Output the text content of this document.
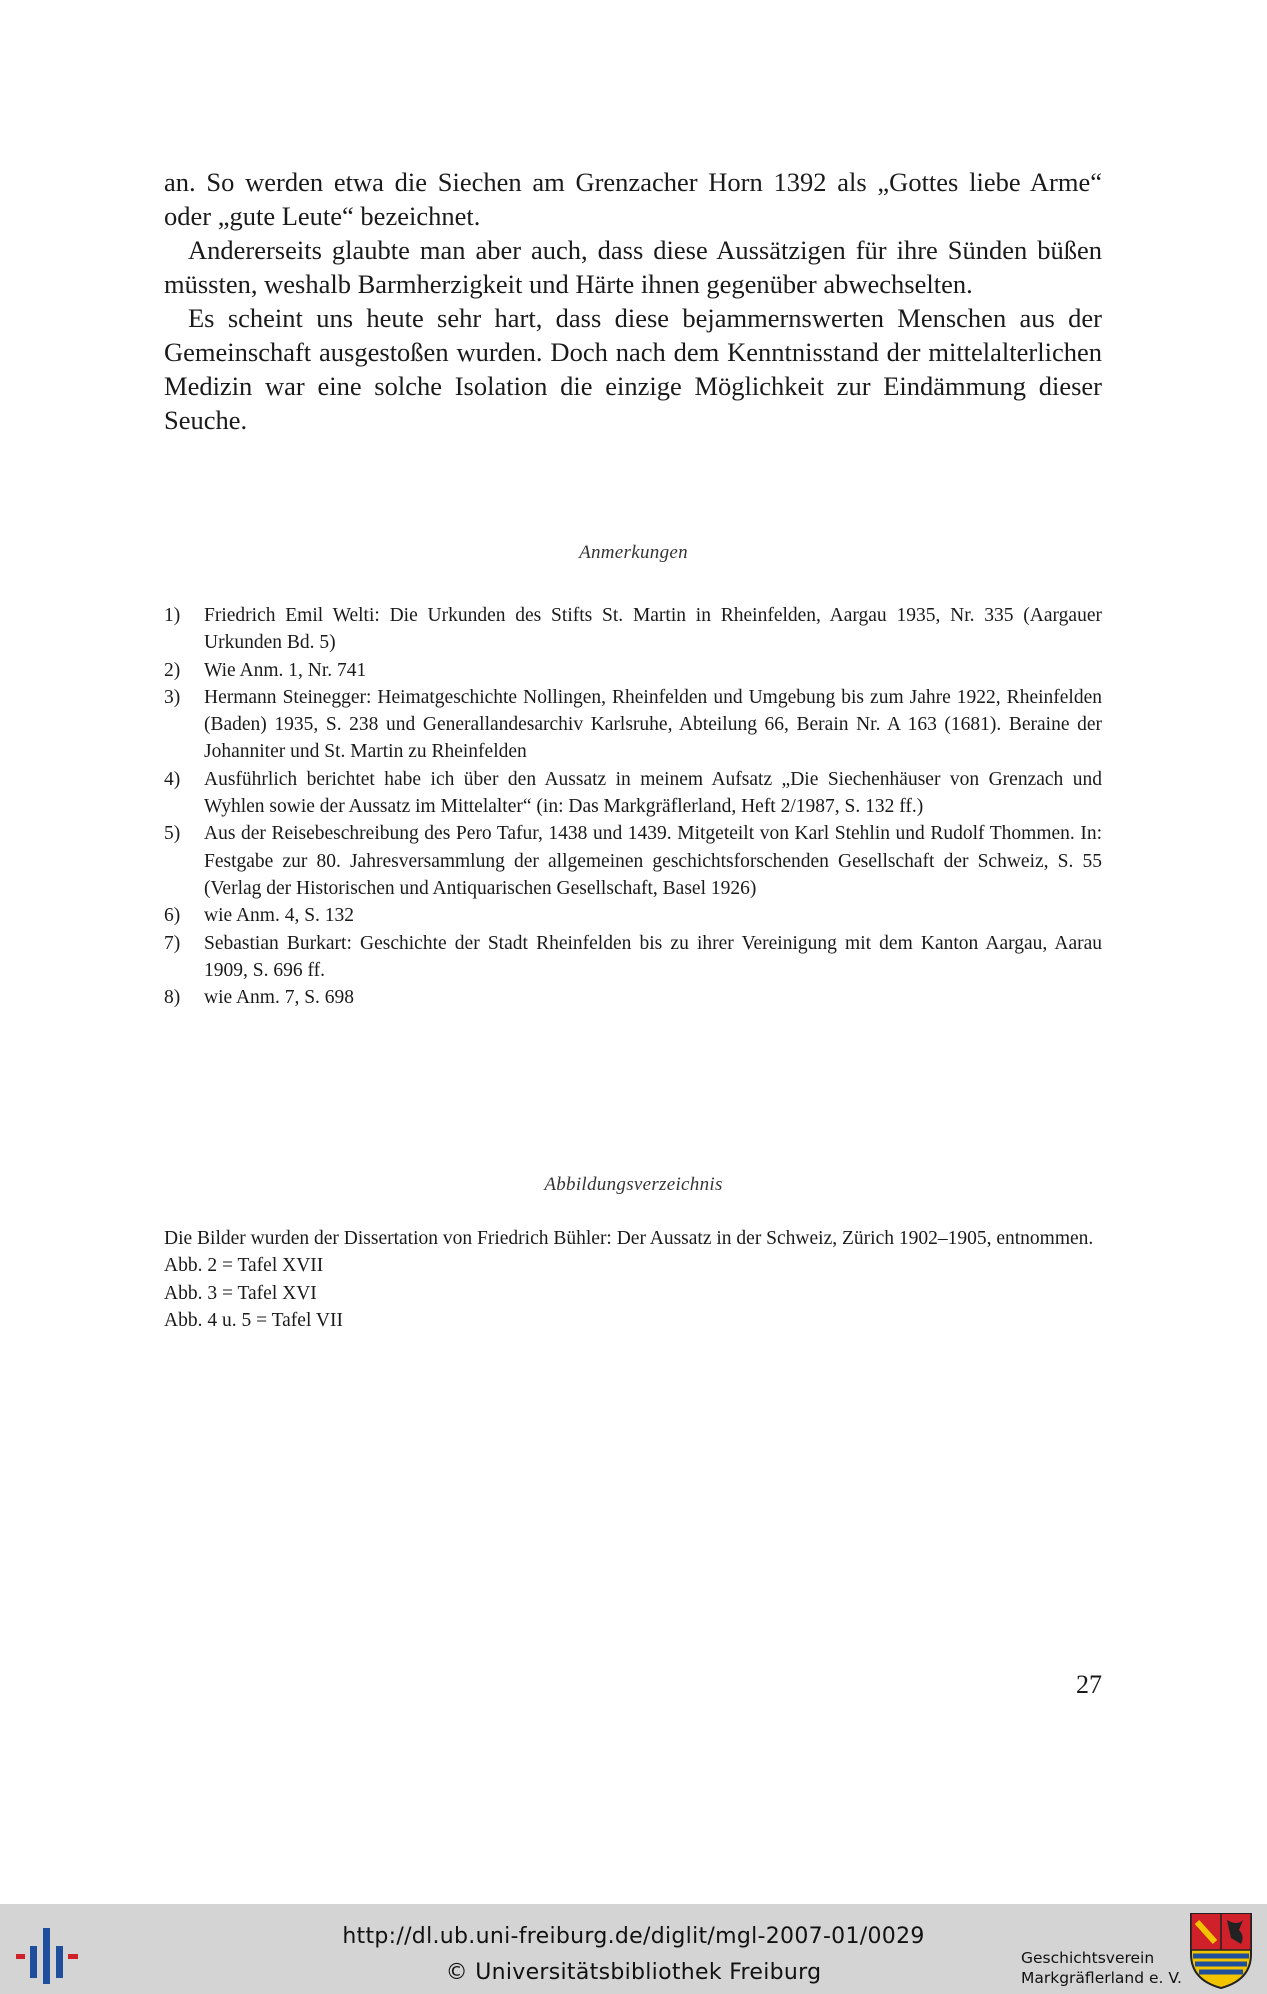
an. So werden etwa die Siechen am Grenzacher Horn 1392 als „Gottes liebe Arme“ oder „gute Leute“ bezeichnet.

Andererseits glaubte man aber auch, dass diese Aussätzigen für ihre Sünden büßen müssten, weshalb Barmherzigkeit und Härte ihnen gegenüber abwechselten.

Es scheint uns heute sehr hart, dass diese bejammernswerten Menschen aus der Gemeinschaft ausgestoßen wurden. Doch nach dem Kenntnisstand der mittelalterlichen Medizin war eine solche Isolation die einzige Möglichkeit zur Eindämmung dieser Seuche.

Anmerkungen
1) Friedrich Emil Welti: Die Urkunden des Stifts St. Martin in Rheinfelden, Aargau 1935, Nr. 335 (Aargauer Urkunden Bd. 5)
2) Wie Anm. 1, Nr. 741
3) Hermann Steinegger: Heimatgeschichte Nollingen, Rheinfelden und Umgebung bis zum Jahre 1922, Rheinfelden (Baden) 1935, S. 238 und Generallandesarchiv Karlsruhe, Abteilung 66, Berain Nr. A 163 (1681). Beraine der Johanniter und St. Martin zu Rheinfelden
4) Ausführlich berichtet habe ich über den Aussatz in meinem Aufsatz „Die Siechenhäuser von Grenzach und Wyhlen sowie der Aussatz im Mittelalter“ (in: Das Markgräflerland, Heft 2/1987, S. 132 ff.)
5) Aus der Reisebeschreibung des Pero Tafur, 1438 und 1439. Mitgeteilt von Karl Stehlin und Rudolf Thommen. In: Festgabe zur 80. Jahresversammlung der allgemeinen geschichtsforschenden Gesellschaft der Schweiz, S. 55 (Verlag der Historischen und Antiquarischen Gesellschaft, Basel 1926)
6) wie Anm. 4, S. 132
7) Sebastian Burkart: Geschichte der Stadt Rheinfelden bis zu ihrer Vereinigung mit dem Kanton Aargau, Aarau 1909, S. 696 ff.
8) wie Anm. 7, S. 698
Abbildungsverzeichnis
Die Bilder wurden der Dissertation von Friedrich Bühler: Der Aussatz in der Schweiz, Zürich 1902–1905, entnommen.
Abb. 2 = Tafel XVII
Abb. 3 = Tafel XVI
Abb. 4 u. 5 = Tafel VII
27
http://dl.ub.uni-freiburg.de/diglit/mgl-2007-01/0029
© Universitätsbibliothek Freiburg
Geschichtsverein
Markgräflerland e. V.
